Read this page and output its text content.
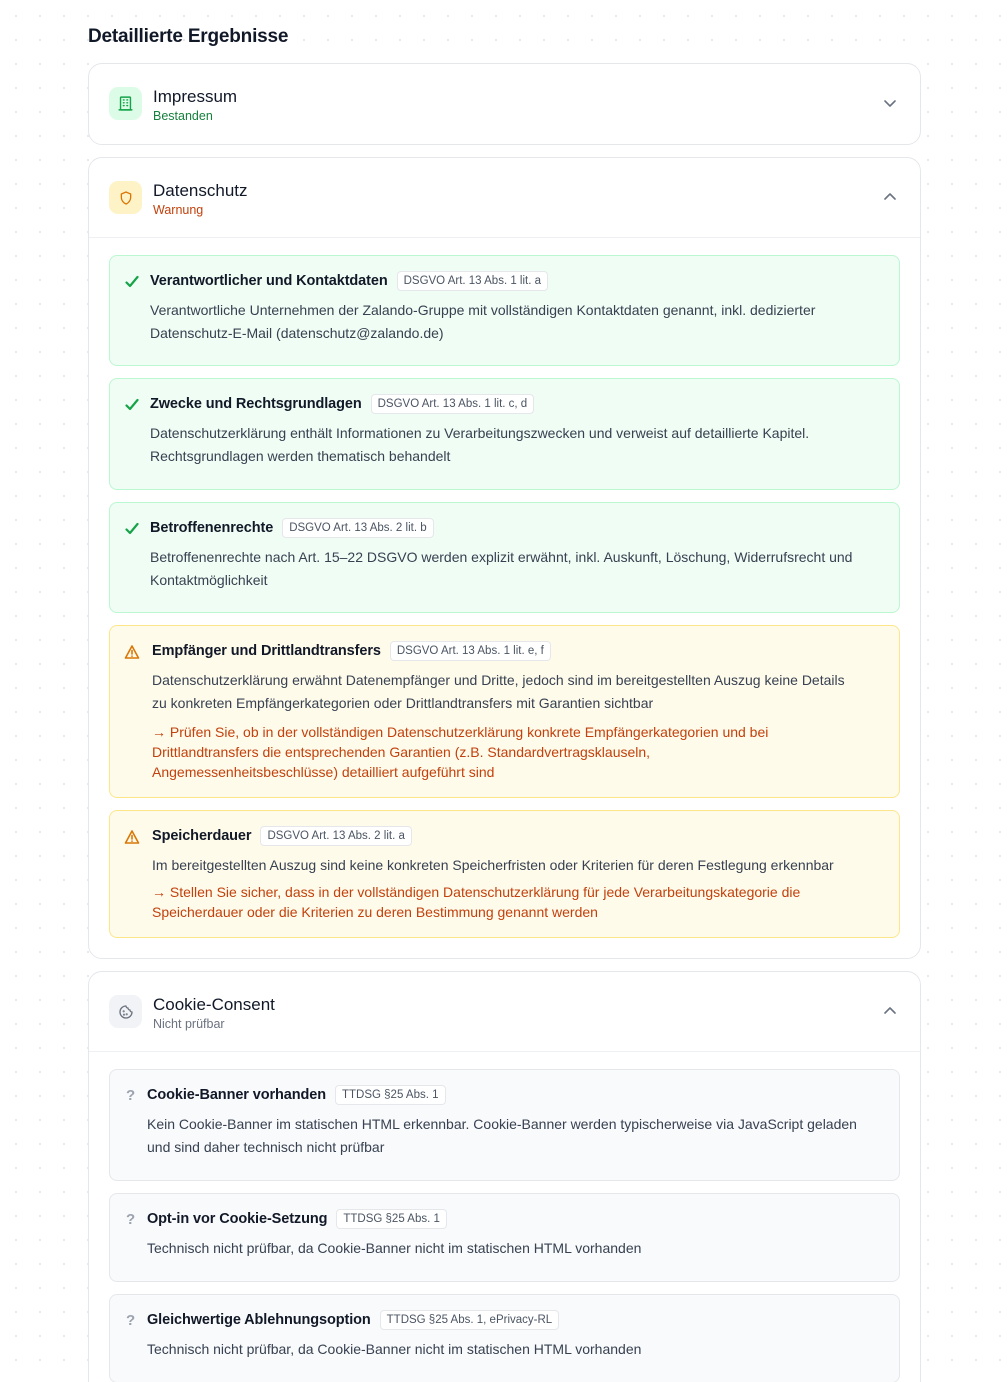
Detaillierte Ergebnisse
Impressum
Bestanden
Datenschutz
Warnung
Verantwortlicher und Kontaktdaten	DSGVO Art. 13 Abs. 1 lit. a
Verantwortliche Unternehmen der Zalando-Gruppe mit vollständigen Kontaktdaten genannt, inkl. dedizierter Datenschutz-E-Mail (datenschutz@zalando.de)
Zwecke und Rechtsgrundlagen	DSGVO Art. 13 Abs. 1 lit. c, d
Datenschutzerklärung enthält Informationen zu Verarbeitungszwecken und verweist auf detaillierte Kapitel. Rechtsgrundlagen werden thematisch behandelt
Betroffenenrechte	DSGVO Art. 13 Abs. 2 lit. b
Betroffenenrechte nach Art. 15–22 DSGVO werden explizit erwähnt, inkl. Auskunft, Löschung, Widerrufsrecht und Kontaktmöglichkeit
Empfänger und Drittlandtransfers	DSGVO Art. 13 Abs. 1 lit. e, f
Datenschutzerklärung erwähnt Datenempfänger und Dritte, jedoch sind im bereitgestellten Auszug keine Details zu konkreten Empfängerkategorien oder Drittlandtransfers mit Garantien sichtbar
→ Prüfen Sie, ob in der vollständigen Datenschutzerklärung konkrete Empfängerkategorien und bei Drittlandtransfers die entsprechenden Garantien (z.B. Standardvertragsklauseln, Angemessenheitsbeschlüsse) detailliert aufgeführt sind
Speicherdauer	DSGVO Art. 13 Abs. 2 lit. a
Im bereitgestellten Auszug sind keine konkreten Speicherfristen oder Kriterien für deren Festlegung erkennbar
→ Stellen Sie sicher, dass in der vollständigen Datenschutzerklärung für jede Verarbeitungskategorie die Speicherdauer oder die Kriterien zu deren Bestimmung genannt werden
Cookie-Consent
Nicht prüfbar
? Cookie-Banner vorhanden	TTDSG §25 Abs. 1
Kein Cookie-Banner im statischen HTML erkennbar. Cookie-Banner werden typischerweise via JavaScript geladen und sind daher technisch nicht prüfbar
? Opt-in vor Cookie-Setzung	TTDSG §25 Abs. 1
Technisch nicht prüfbar, da Cookie-Banner nicht im statischen HTML vorhanden
? Gleichwertige Ablehnungsoption	TTDSG §25 Abs. 1, ePrivacy-RL
Technisch nicht prüfbar, da Cookie-Banner nicht im statischen HTML vorhanden
